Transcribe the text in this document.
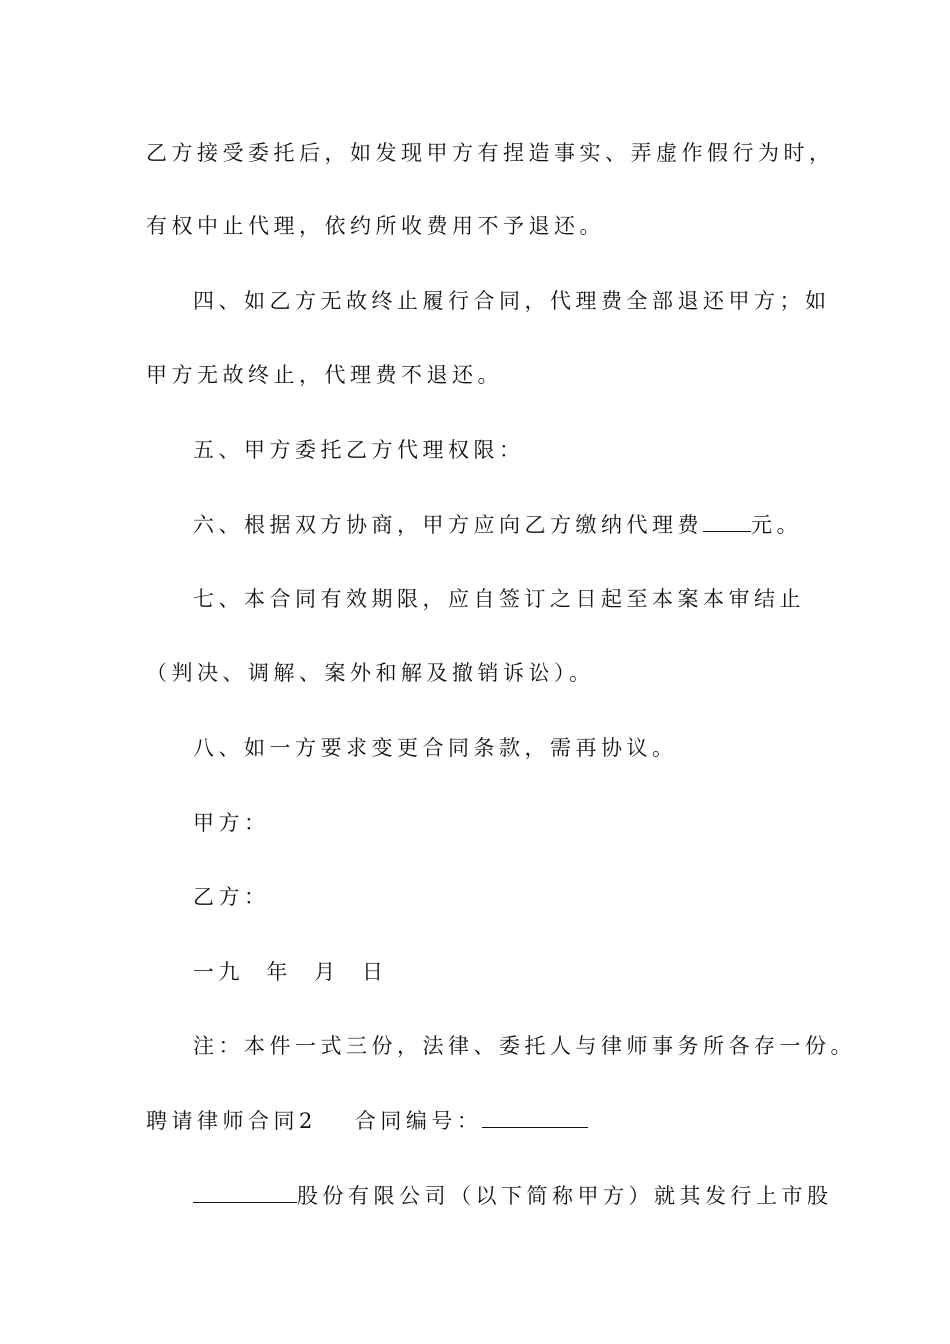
乙方接受委托后，如发现甲方有捏造事实、弄虚作假行为时，
有权中止代理，依约所收费用不予退还。
四、如乙方无故终止履行合同，代理费全部退还甲方；如
甲方无故终止，代理费不退还。
五、甲方委托乙方代理权限：
六、根据双方协商，甲方应向乙方缴纳代理费 元。
七、本合同有效期限，应自签订之日起至本案本审结止
（判决、调解、案外和解及撤销诉讼）。
八、如一方要求变更合同条款，需再协议。
甲方：
乙方：
一九  年  月  日
注：本件一式三份，法律、委托人与律师事务所各存一份。
聘请律师合同2 合同编号：
股份有限公司（以下简称甲方）就其发行上市股
